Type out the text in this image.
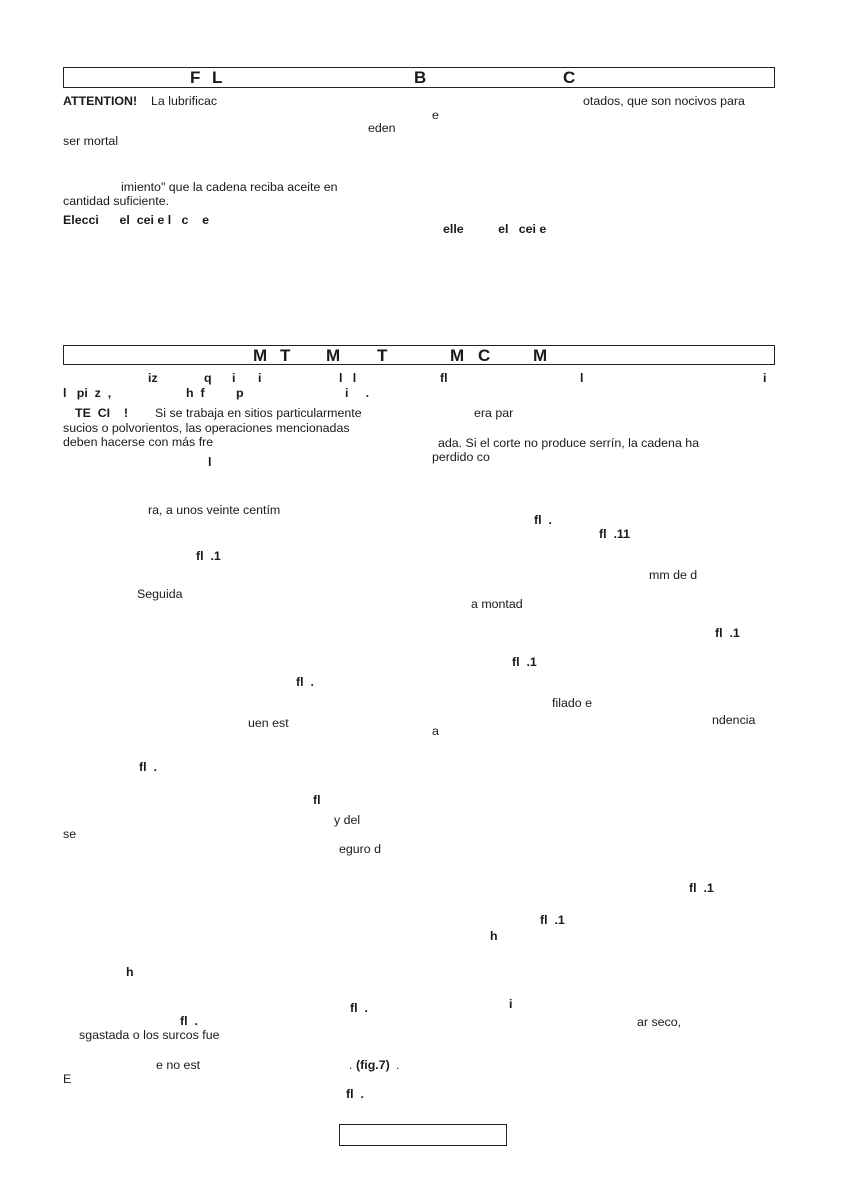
F L	B	C
ATTENTION! La lubrificac	otados, que son nocivos para
e
eden
ser mortal
imiento" que la cadena reciba aceite en
cantidad suficiente.
Elecci      el  cei e l   c    e
elle          el   cei e
M T M T	M C	M
iz	q i i	l   l	fl	l	i
l   pi  z  ,	h  f	p	i     .
TE  CI    ! Si se trabaja en sitios particularmente
sucios o polvorientos, las operaciones mencionadas
deben hacerse con más fre
l
era par
ada. Si el corte no produce serrín, la cadena ha
perdido co
ra, a unos veinte centím
fl  .
fl  .11
fl  .1
mm de d
Seguida
a montad
fl  .1
fl  .1
fl  .
filado e
uen est	ndencia
a
fl  .
fl
y del
se
eguro d
fl  .1
fl  .1
h
h
i
fl  .
ar seco,
fl  .
sgastada o los surcos fue
e no est	. (fig.7) .
E
fl  .
